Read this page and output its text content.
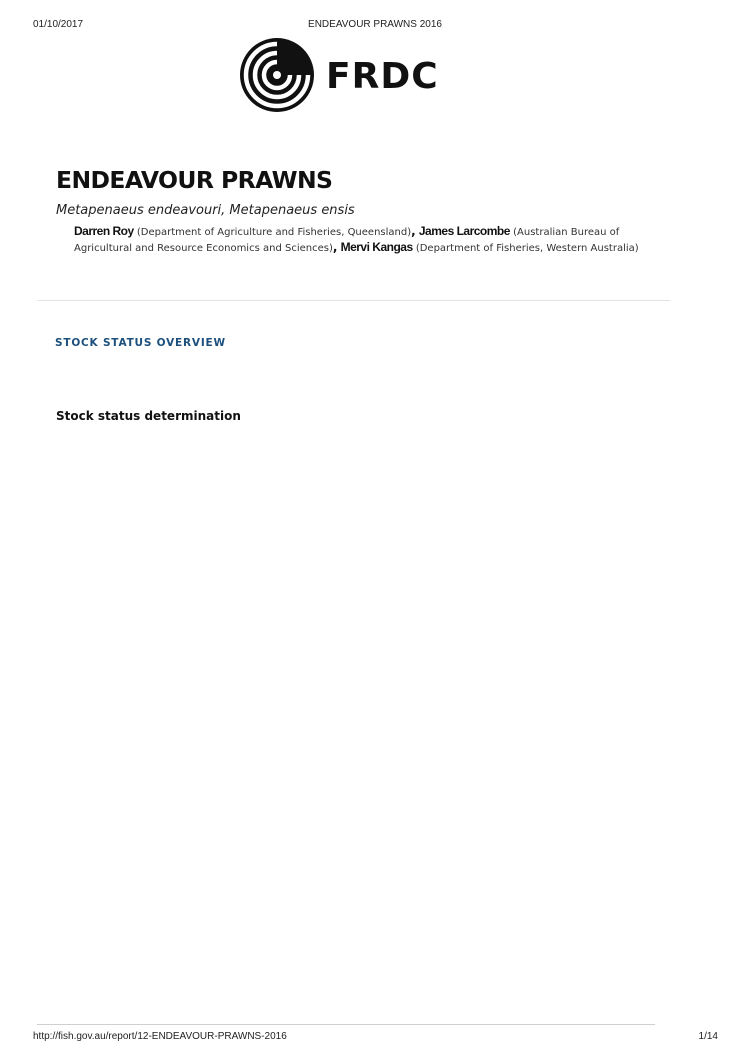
01/10/2017	ENDEAVOUR PRAWNS 2016
FRDC
ENDEAVOUR PRAWNS
Metapenaeus endeavouri, Metapenaeus ensis
Darren Roy (Department of Agriculture and Fisheries, Queensland), James Larcombe (Australian Bureau of Agricultural and Resource Economics and Sciences), Mervi Kangas (Department of Fisheries, Western Australia)
STOCK STATUS OVERVIEW
Stock status determination
http://fish.gov.au/report/12-ENDEAVOUR-PRAWNS-2016	1/14
